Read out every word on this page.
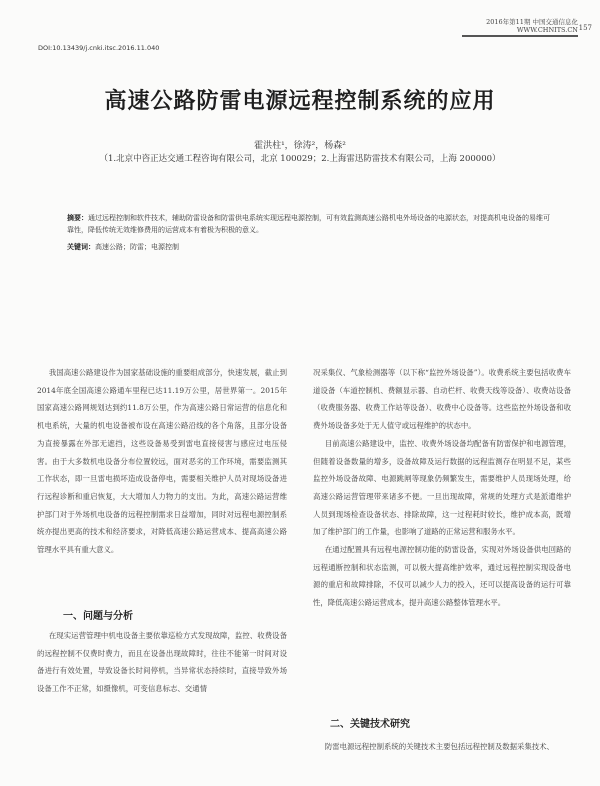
2016年第11期 中国交通信息化
WWW.CHNITS.CN 157
DOI:10.13439/j.cnki.itsc.2016.11.040
高速公路防雷电源远程控制系统的应用
霍洪柱¹，徐涛²，杨森²
（1.北京中咨正达交通工程咨询有限公司，北京 100029；2.上海雷迅防雷技术有限公司，上海 200000）
摘要：通过远程控制和软件技术，辅助防雷设备和防雷供电系统实现远程电源控制，可有效监测高速公路机电外场设备的电源状态，对提高机电设备的易维可靠性，降低传统无效维修费用的运营成本有着极为积极的意义。
关键词：高速公路；防雷；电源控制

我国高速公路建设作为国家基础设施的重要组成部分，快速发展，截止到2014年底全国高速公路通车里程已达11.19万公里，居世界第一。2015年国家高速公路网规划达到约11.8万公里，作为高速公路日常运营的信息化和机电系统，大量的机电设备被布设在高速公路沿线的各个角落，且部分设备为直接暴露在外部无遮挡，这些设备易受到雷电直接侵害与感应过电压侵害。由于大多数机电设备分布位置较远，面对恶劣的工作环境，需要监测其工作状态，即一旦雷电损坏造成设备停电，需要相关维护人员对现场设备进行远程诊断和重启恢复，大大增加人力物力的支出。为此，高速公路运营维护部门对于外场机电设备的远程控制需求日益增加，同时对远程电源控制系统亦提出更高的技术和经济要求，对降低高速公路运营成本、提高高速公路管理水平具有重大意义。

一、问题与分析

在现实运营管理中机电设备主要依靠巡检方式发现故障，监控、收费设备的远程控制不仅费时费力，而且在设备出现故障时，往往不能第一时间对设备进行有效处置，导致设备长时间停机，当异常状态持续时，直接导致外场设备工作不正常，如摄像机，可变信息标志、交通情

况采集仪、气象检测器等（以下称“监控外场设备”）。收费系统主要包括收费车道设备（车道控制机、费额显示器、自动栏杆、收费天线等设备）、收费站设备（收费服务器、收费工作站等设备）、收费中心设备等。这些监控外场设备和收费外场设备多处于无人值守或远程维护的状态中。

目前高速公路建设中，监控、收费外场设备均配备有防雷保护和电源管理，但随着设备数量的增多，设备故障及运行数据的远程监测存在明显不足，某些监控外场设备故障、电源跳闸等现象仍频繁发生，需要维护人员现场处理，给高速公路运营管理带来诸多不便。一旦出现故障，常规的处理方式是派遣维护人员到现场检查设备状态、排除故障，这一过程耗时较长，维护成本高，既增加了维护部门的工作量，也影响了道路的正常运营和服务水平。

在通过配置具有远程电源控制功能的防雷设备，实现对外场设备供电回路的远程通断控制和状态监测，可以极大提高维护效率，通过远程控制实现设备电源的重启和故障排除，不仅可以减少人力的投入，还可以提高设备的运行可靠性，降低高速公路运营成本，提升高速公路整体管理水平。

二、关键技术研究

防雷电源远程控制系统的关键技术主要包括远程控制及数据采集技术、
